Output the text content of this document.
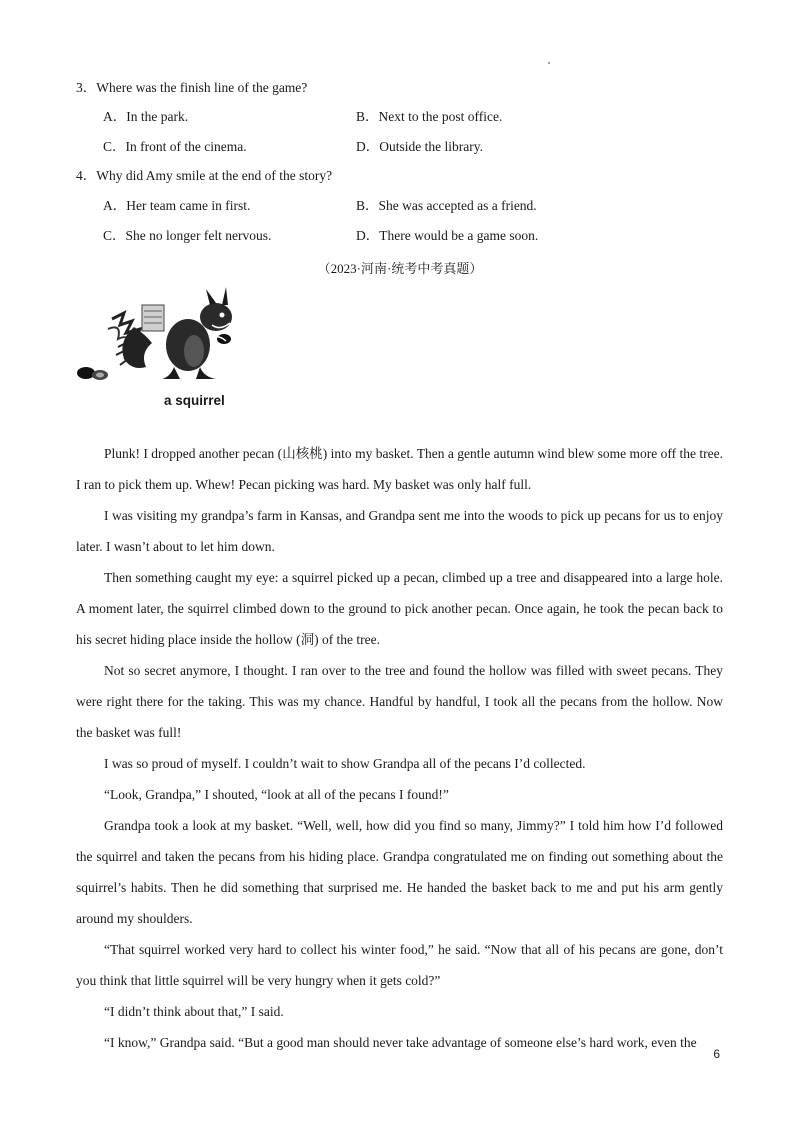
3．Where was the finish line of the game?
A．In the park.	B．Next to the post office.
C．In front of the cinema.	D．Outside the library.
4．Why did Amy smile at the end of the story?
A．Her team came in first.	B．She was accepted as a friend.
C．She no longer felt nervous.	D．There would be a game soon.
（2023·河南·统考中考真题）
a squirrel

Plunk! I dropped another pecan (山核桃) into my basket. Then a gentle autumn wind blew some more off the tree. I ran to pick them up. Whew! Pecan picking was hard. My basket was only half full.

I was visiting my grandpa’s farm in Kansas, and Grandpa sent me into the woods to pick up pecans for us to enjoy later. I wasn’t about to let him down.

Then something caught my eye: a squirrel picked up a pecan, climbed up a tree and disappeared into a large hole. A moment later, the squirrel climbed down to the ground to pick another pecan. Once again, he took the pecan back to his secret hiding place inside the hollow (洞) of the tree.

Not so secret anymore, I thought. I ran over to the tree and found the hollow was filled with sweet pecans. They were right there for the taking. This was my chance. Handful by handful, I took all the pecans from the hollow. Now the basket was full!

I was so proud of myself. I couldn’t wait to show Grandpa all of the pecans I’d collected.

“Look, Grandpa,” I shouted, “look at all of the pecans I found!”

Grandpa took a look at my basket. “Well, well, how did you find so many, Jimmy?” I told him how I’d followed the squirrel and taken the pecans from his hiding place. Grandpa congratulated me on finding out something about the squirrel’s habits. Then he did something that surprised me. He handed the basket back to me and put his arm gently around my shoulders.

“That squirrel worked very hard to collect his winter food,” he said. “Now that all of his pecans are gone, don’t you think that little squirrel will be very hungry when it gets cold?”

“I didn’t think about that,” I said.

“I know,” Grandpa said. “But a good man should never take advantage of someone else’s hard work, even the

6
